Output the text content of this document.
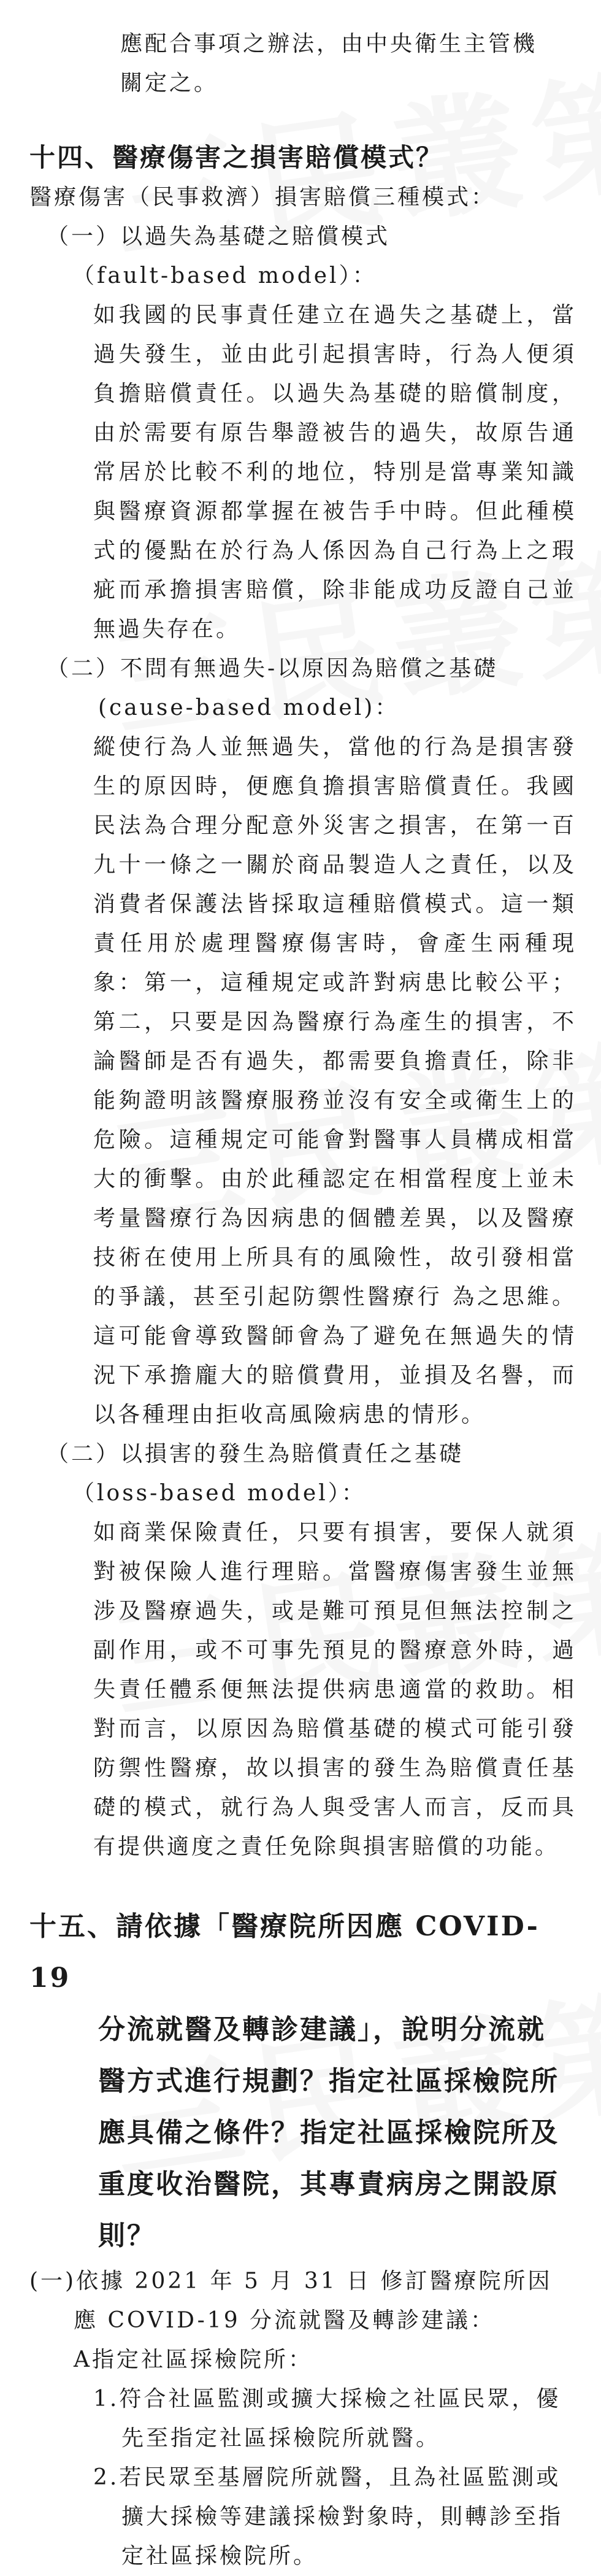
應配合事項之辦法，由中央衛生主管機
關定之。
十四、醫療傷害之損害賠償模式？
醫療傷害（民事救濟）損害賠償三種模式：
（一）以過失為基礎之賠償模式
（fault-based model）：

如我國的民事責任建立在過失之基礎上，當過失發生，並由此引起損害時，行為人便須負擔賠償責任。以過失為基礎的賠償制度，由於需要有原告舉證被告的過失，故原告通常居於比較不利的地位，特別是當專業知識與醫療資源都掌握在被告手中時。但此種模式的優點在於行為人係因為自己行為上之瑕疵而承擔損害賠償，除非能成功反證自己並無過失存在。

（二）不問有無過失-以原因為賠償之基礎
(cause-based model)：

縱使行為人並無過失，當他的行為是損害發生的原因時，便應負擔損害賠償責任。我國民法為合理分配意外災害之損害，在第一百九十一條之一關於商品製造人之責任，以及消費者保護法皆採取這種賠償模式。這一類責任用於處理醫療傷害時，會產生兩種現象：第一，這種規定或許對病患比較公平；第二，只要是因為醫療行為產生的損害，不論醫師是否有過失，都需要負擔責任，除非能夠證明該醫療服務並沒有安全或衛生上的危險。這種規定可能會對醫事人員構成相當大的衝擊。由於此種認定在相當程度上並未考量醫療行為因病患的個體差異，以及醫療技術在使用上所具有的風險性，故引發相當的爭議，甚至引起防禦性醫療行 為之思維。這可能會導致醫師會為了避免在無過失的情況下承擔龐大的賠償費用，並損及名譽，而以各種理由拒收高風險病患的情形。

（二）以損害的發生為賠償責任之基礎
（loss-based model）：

如商業保險責任，只要有損害，要保人就須對被保險人進行理賠。當醫療傷害發生並無涉及醫療過失，或是難可預見但無法控制之副作用，或不可事先預見的醫療意外時，過失責任體系便無法提供病患適當的救助。相對而言，以原因為賠償基礎的模式可能引發防禦性醫療，故以損害的發生為賠償責任基礎的模式，就行為人與受害人而言，反而具有提供適度之責任免除與損害賠償的功能。

十五、請依據「醫療院所因應 COVID-19
分流就醫及轉診建議」，說明分流就
醫方式進行規劃？指定社區採檢院所
應具備之條件？指定社區採檢院所及
重度收治醫院，其專責病房之開設原
則？
(一)依據 2021 年 5 月 31 日 修訂醫療院所因
應 COVID-19 分流就醫及轉診建議：
A指定社區採檢院所：
1.符合社區監測或擴大採檢之社區民眾，優
先至指定社區採檢院所就醫。
2.若民眾至基層院所就醫，且為社區監測或
擴大採檢等建議採檢對象時，則轉診至指
定社區採檢院所。
